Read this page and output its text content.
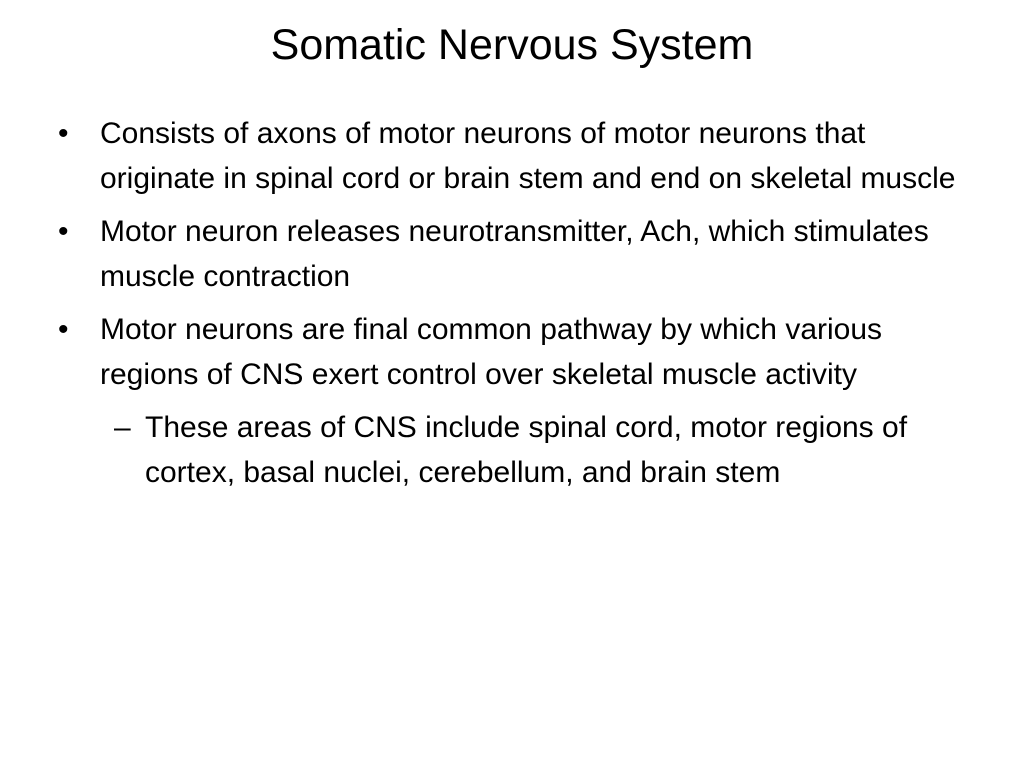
Somatic Nervous System
• Consists of axons of motor neurons of motor neurons that originate in spinal cord or brain stem and end on skeletal muscle
• Motor neuron releases neurotransmitter, Ach, which stimulates muscle contraction
• Motor neurons are final common pathway by which various regions of CNS exert control over skeletal muscle activity
– These areas of CNS include spinal cord, motor regions of cortex, basal nuclei, cerebellum, and brain stem
